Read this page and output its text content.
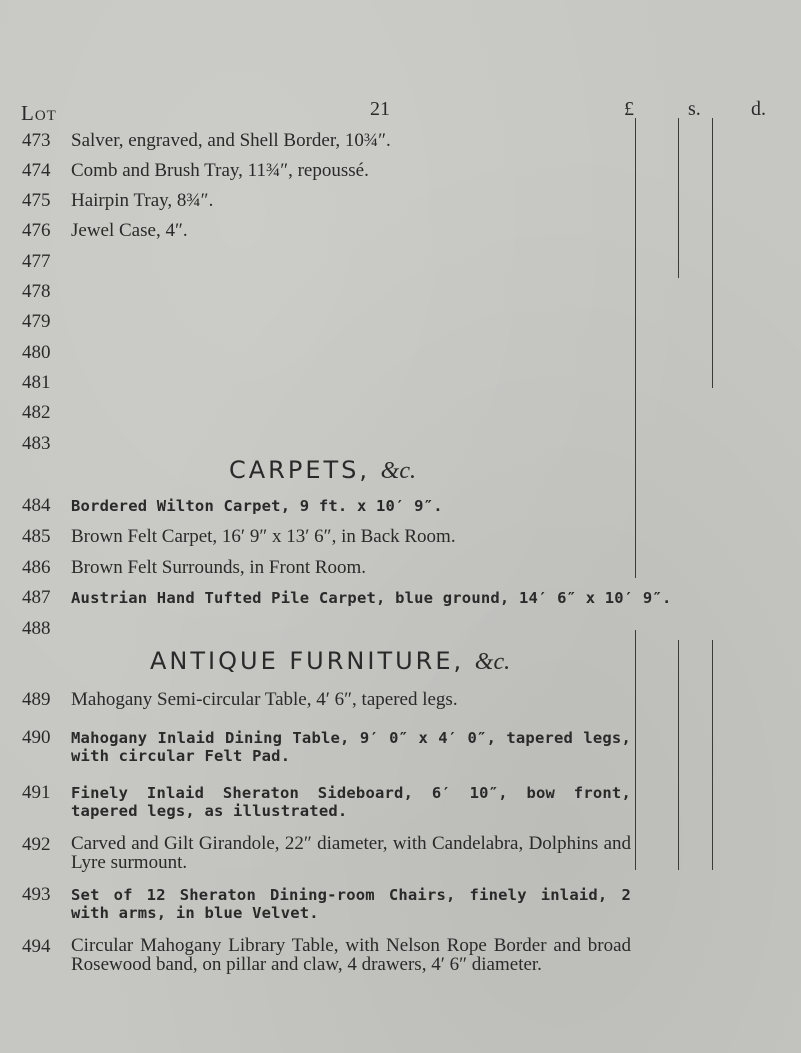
Lot	21	£	s.	d.
473 Salver, engraved, and Shell Border, 10¾″.
474 Comb and Brush Tray, 11¾″, repoussé.
475 Hairpin Tray, 8¾″.
476 Jewel Case, 4″.
477
478
479
480
481
482
483
CARPETS, &c.
484 Bordered Wilton Carpet, 9 ft. x 10′ 9″.
485 Brown Felt Carpet, 16′ 9″ x 13′ 6″, in Back Room.
486 Brown Felt Surrounds, in Front Room.
487 Austrian Hand Tufted Pile Carpet, blue ground, 14′ 6″ x 10′ 9″.
488
ANTIQUE FURNITURE, &c.
489 Mahogany Semi-circular Table, 4′ 6″, tapered legs.
490 Mahogany Inlaid Dining Table, 9′ 0″ x 4′ 0″, tapered legs, with circular Felt Pad.
491 Finely Inlaid Sheraton Sideboard, 6′ 10″, bow front, tapered legs, as illustrated.
492 Carved and Gilt Girandole, 22″ diameter, with Candelabra, Dolphins and Lyre surmount.
493 Set of 12 Sheraton Dining-room Chairs, finely inlaid, 2 with arms, in blue Velvet.
494 Circular Mahogany Library Table, with Nelson Rope Border and broad Rosewood band, on pillar and claw, 4 drawers, 4′ 6″ diameter.
